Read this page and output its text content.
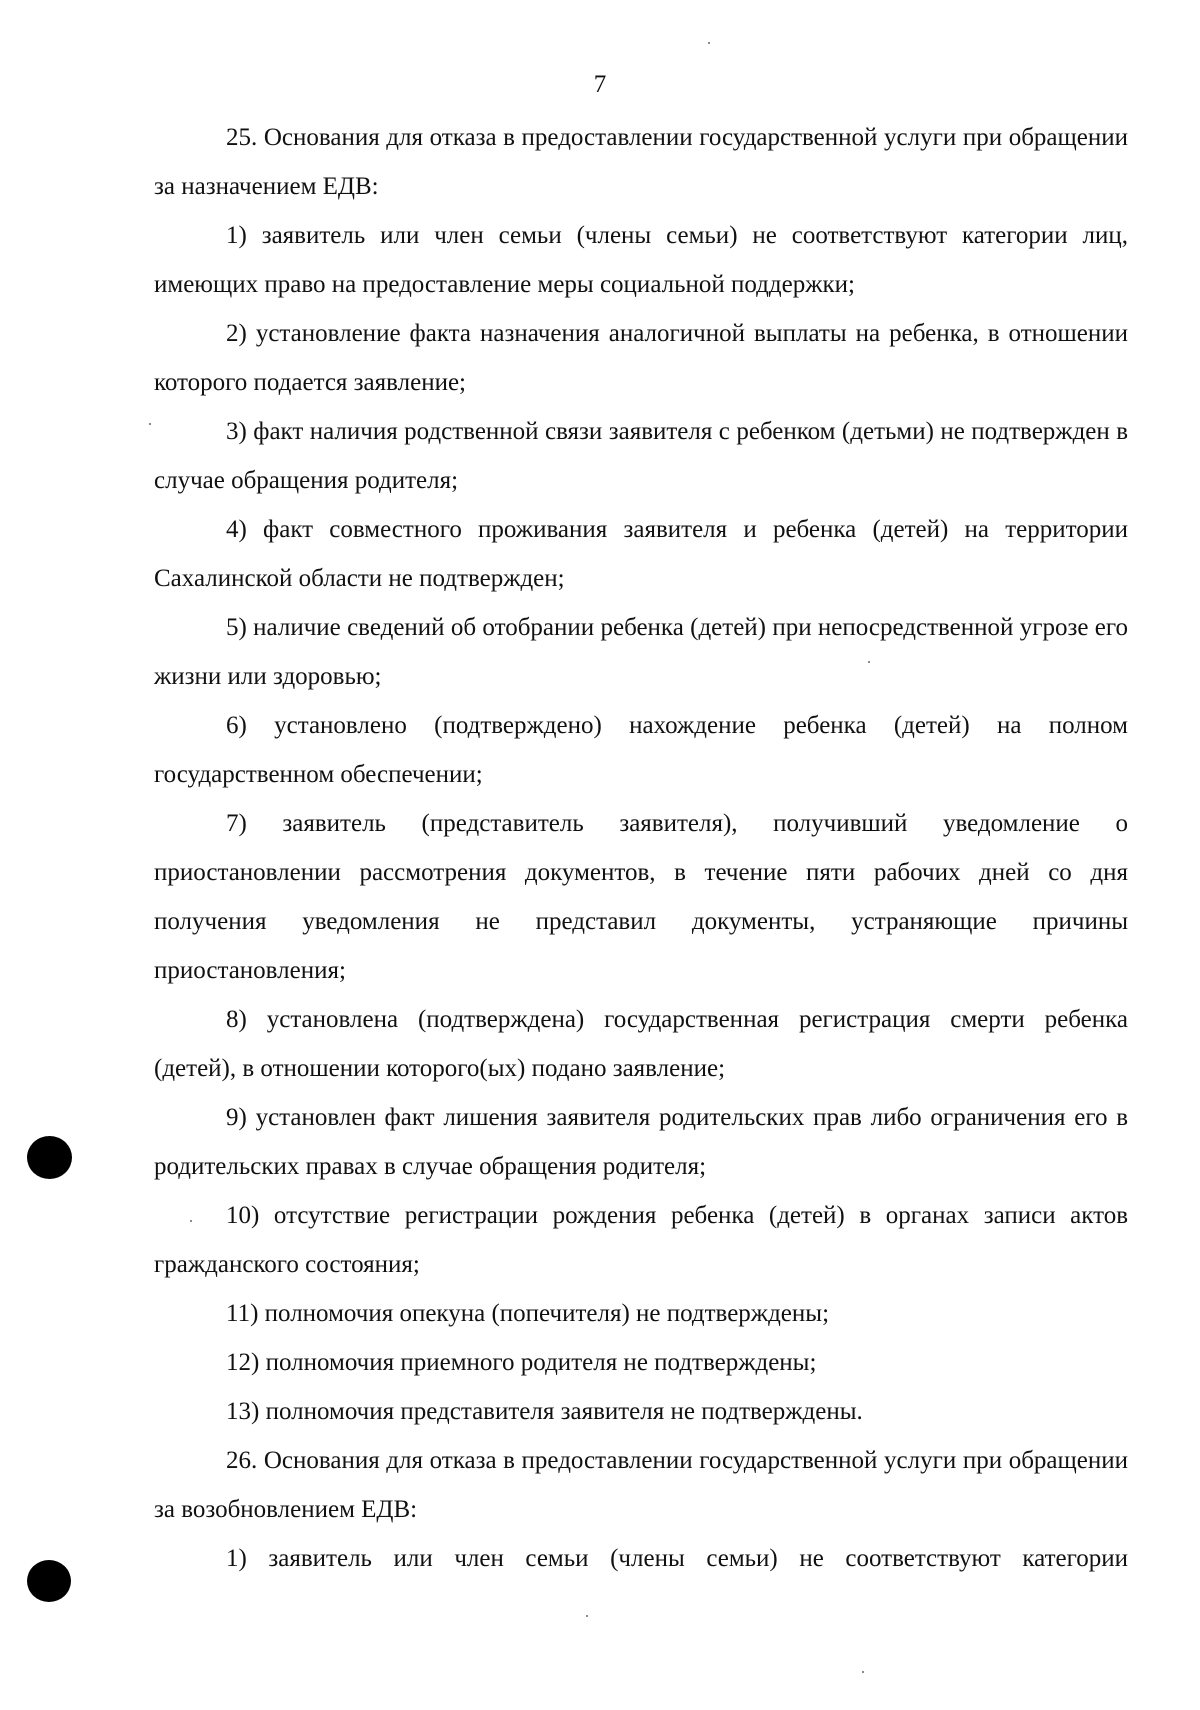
7

25. Основания для отказа в предоставлении государственной услуги при обращении за назначением ЕДВ:

1) заявитель или член семьи (члены семьи) не соответствуют категории лиц, имеющих право на предоставление меры социальной поддержки;

2) установление факта назначения аналогичной выплаты на ребенка, в отношении которого подается заявление;

3) факт наличия родственной связи заявителя с ребенком (детьми) не подтвержден в случае обращения родителя;

4) факт совместного проживания заявителя и ребенка (детей) на территории Сахалинской области не подтвержден;

5) наличие сведений об отобрании ребенка (детей) при непосредственной угрозе его жизни или здоровью;

6) установлено (подтверждено) нахождение ребенка (детей) на полном государственном обеспечении;

7) заявитель (представитель заявителя), получивший уведомление о приостановлении рассмотрения документов, в течение пяти рабочих дней со дня получения уведомления не представил документы, устраняющие причины приостановления;

8) установлена (подтверждена) государственная регистрация смерти ребенка (детей), в отношении которого(ых) подано заявление;

9) установлен факт лишения заявителя родительских прав либо ограничения его в родительских правах в случае обращения родителя;

10) отсутствие регистрации рождения ребенка (детей) в органах записи актов гражданского состояния;

11) полномочия опекуна (попечителя) не подтверждены;

12) полномочия приемного родителя не подтверждены;

13) полномочия представителя заявителя не подтверждены.

26. Основания для отказа в предоставлении государственной услуги при обращении за возобновлением ЕДВ:

1) заявитель или член семьи (члены семьи) не соответствуют категории
